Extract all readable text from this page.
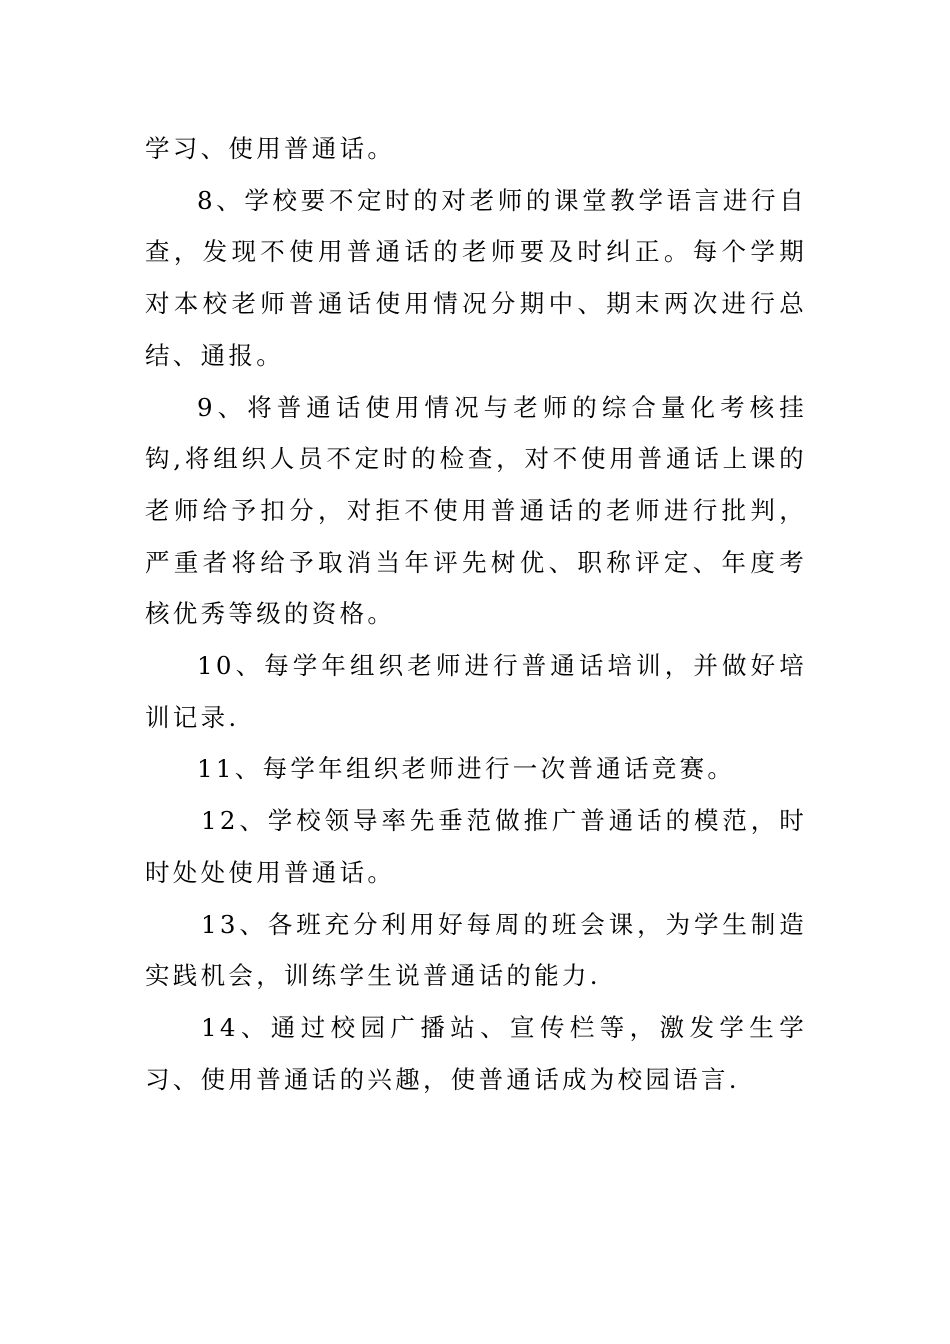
学习、使用普通话。

8、学校要不定时的对老师的课堂教学语言进行自查，发现不使用普通话的老师要及时纠正。每个学期对本校老师普通话使用情况分期中、期末两次进行总结、通报。

9、将普通话使用情况与老师的综合量化考核挂钩,将组织人员不定时的检查，对不使用普通话上课的老师给予扣分，对拒不使用普通话的老师进行批判，严重者将给予取消当年评先树优、职称评定、年度考核优秀等级的资格。

10、每学年组织老师进行普通话培训，并做好培训记录.

11、每学年组织老师进行一次普通话竞赛。

12、学校领导率先垂范做推广普通话的模范，时时处处使用普通话。

13、各班充分利用好每周的班会课，为学生制造实践机会，训练学生说普通话的能力.

14、通过校园广播站、宣传栏等，激发学生学习、使用普通话的兴趣，使普通话成为校园语言.
